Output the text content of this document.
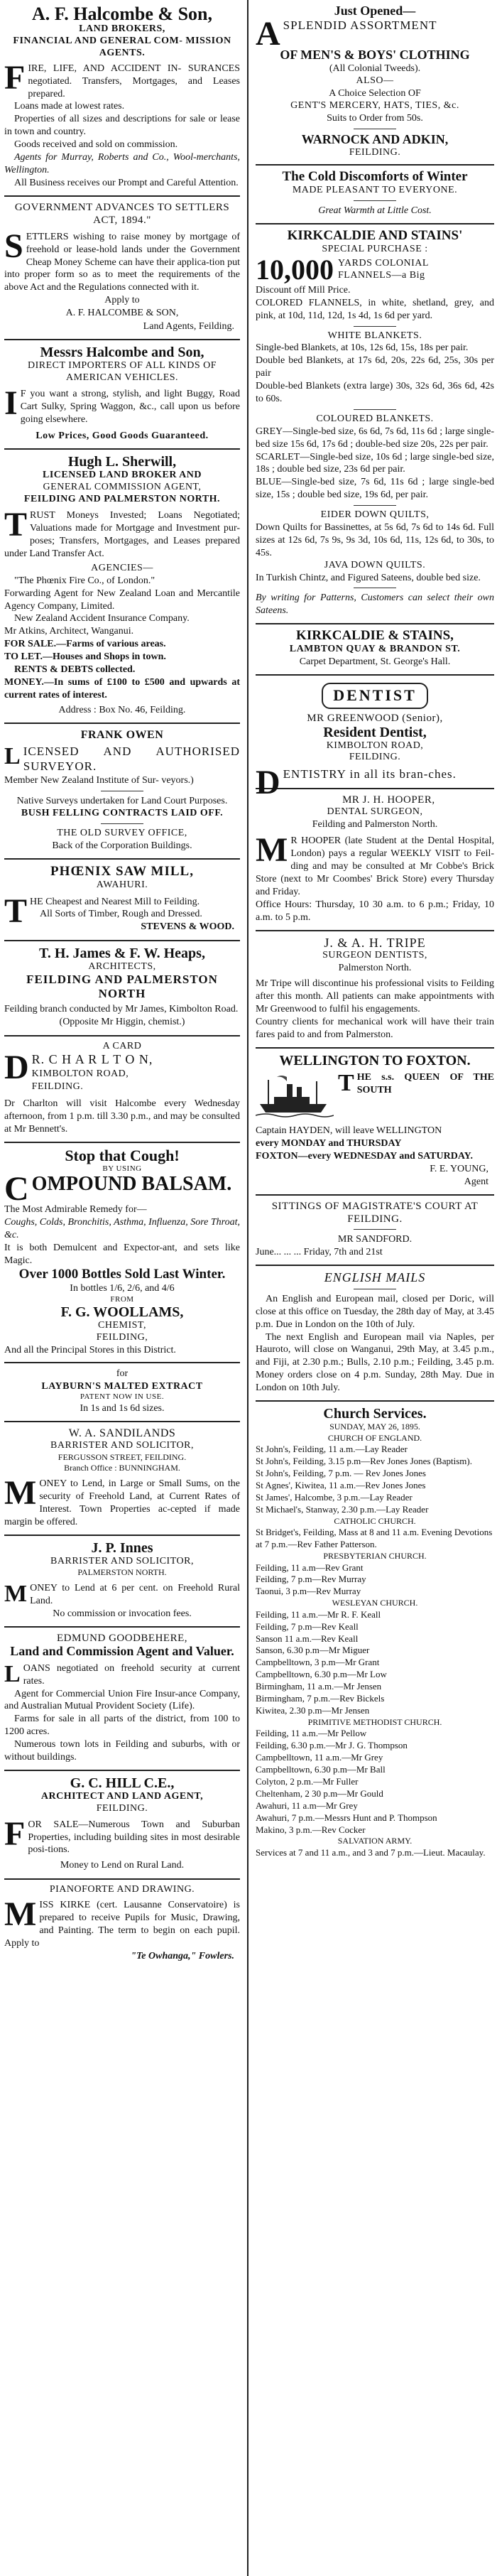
A. F. Halcombe & Son,
LAND BROKERS,
FINANCIAL AND GENERAL COM- MISSION AGENTS.
FIRE, LIFE, AND ACCIDENT IN- SURANCES negotiated. Transfers, Mortgages, and Leases prepared.
Loans made at lowest rates.
Properties of all sizes and descriptions for sale or lease in town and country.
Goods received and sold on commission.
Agents for Murray, Roberts and Co., Wool-merchants, Wellington.
All Business receives our Prompt and Careful Attention.
GOVERNMENT ADVANCES TO SETTLERS ACT, 1894."
SETTLERS wishing to raise money by mortgage of freehold or lease-hold lands under the Government Cheap Money Scheme can have their applica-tion put into proper form so as to meet the requirements of the above Act and the Regulations connected with it.
Apply to
A. F. HALCOMBE & SON,
Land Agents, Feilding.
Messrs Halcombe and Son,
DIRECT IMPORTERS OF ALL KINDS OF AMERICAN VEHICLES.
I F you want a strong, stylish, and light Buggy, Road Cart Sulky, Spring Waggon, &c., call upon us before going elsewhere.
Low Prices, Good Goods Guaranteed.
Hugh L. Sherwill,
LICENSED LAND BROKER AND
GENERAL COMMISSION AGENT,
FEILDING AND PALMERSTON NORTH.
TRUST Moneys Invested; Loans Negotiated; Valuations made for Mortgage and Investment pur-poses; Transfers, Mortgages, and Leases prepared under Land Transfer Act.
AGENCIES—
"The Phœnix Fire Co., of London."
Forwarding Agent for New Zealand Loan and Mercantile Agency Company, Limited.
New Zealand Accident Insurance Company.
Mr Atkins, Architect, Wanganui.
FOR SALE.—Farms of various areas.
TO LET.—Houses and Shops in town.
RENTS & DEBTS collected.
MONEY.—In sums of £100 to £500 and upwards at current rates of interest.
Address : Box No. 46, Feilding.
FRANK OWEN
LICENSED AND AUTHORISED SURVEYOR.
Member New Zealand Institute of Sur- veyors.)
Native Surveys undertaken for Land Court Purposes.
BUSH FELLING CONTRACTS LAID OFF.
THE OLD SURVEY OFFICE,
Back of the Corporation Buildings.
PHŒNIX SAW MILL,
AWAHURI.
THE Cheapest and Nearest Mill to Feilding.
All Sorts of Timber, Rough and Dressed.
STEVENS & WOOD.
T. H. James & F. W. Heaps,
ARCHITECTS,
FEILDING AND PALMERSTON NORTH
Feilding branch conducted by Mr James, Kimbolton Road.
(Opposite Mr Higgin, chemist.)
A CARD
D R. C H A R L T O N,
KIMBOLTON ROAD,
FEILDING.
Dr Charlton will visit Halcombe every Wednesday afternoon, from 1 p.m. till 3.30 p.m., and may be consulted at Mr Bennett's.
Stop that Cough!
BY USING
COMPOUND BALSAM.
The Most Admirable Remedy for—
Coughs, Colds, Bronchitis, Asthma, Influenza, Sore Throat, &c.
It is both Demulcent and Expector-ant, and sets like Magic.
Over 1000 Bottles Sold Last Winter.
In bottles 1/6, 2/6, and 4/6
FROM
F. G. WOOLLAMS,
CHEMIST,
FEILDING,
And all the Principal Stores in this District.
for
LAYBURN'S MALTED EXTRACT
PATENT NOW IN USE.
In 1s and 1s 6d sizes.
W. A. SANDILANDS
BARRISTER AND SOLICITOR,
FERGUSSON STREET, FEILDING.
Branch Office : BUNNINGHAM.
MONEY to Lend, in Large or Small Sums, on the security of Freehold Land, at Current Rates of Interest. Town Properties ac-cepted if made margin be offered.
J. P. Innes
BARRISTER AND SOLICITOR,
PALMERSTON NORTH.
MONEY to Lend at 6 per cent. on Freehold Rural Land.
No commission or invocation fees.
EDMUND GOODBEHERE,
Land and Commission Agent and Valuer.
LOANS negotiated on freehold security at current rates.
Agent for Commercial Union Fire Insur-ance Company, and Australian Mutual Provident Society (Life).
Farms for sale in all parts of the district, from 100 to 1200 acres.
Numerous town lots in Feilding and suburbs, with or without buildings.
G. C. HILL C.E.,
ARCHITECT AND LAND AGENT,
FEILDING.
FOR SALE—Numerous Town and Suburban Properties, including building sites in most desirable posi-tions.
Money to Lend on Rural Land.
PIANOFORTE AND DRAWING.
MISS KIRKE (cert. Lausanne Conservatoire) is prepared to receive Pupils for Music, Drawing, and Painting. The term to begin on each pupil. Apply to
"Te Owhanga," Fowlers.
Just Opened—
ASPLENDID ASSORTMENT
OF MEN'S & BOYS' CLOTHING
(All Colonial Tweeds).
ALSO—
A Choice Selection OF
GENT'S MERCERY, HATS, TIES, &c.
Suits to Order from 50s.
WARNOCK AND ADKIN,
FEILDING.
The Cold Discomforts of Winter
MADE PLEASANT TO EVERYONE.
Great Warmth at Little Cost.
KIRKCALDIE AND STAINS'
SPECIAL PURCHASE :
10,000 YARDS COLONIAL
FLANNELS—a Big
Discount off Mill Price.
COLORED FLANNELS, in white, shetland, grey, and pink, at 10d, 11d, 12d, 1s 4d, 1s 6d per yard.
WHITE BLANKETS.
Single-bed Blankets, at 10s, 12s 6d, 15s, 18s per pair.
Double bed Blankets, at 17s 6d, 20s, 22s 6d, 25s, 30s per pair
Double-bed Blankets (extra large) 30s, 32s 6d, 36s 6d, 42s to 60s.
COLOURED BLANKETS.
GREY—Single-bed size, 6s 6d, 7s 6d, 11s 6d ; large single-bed size 15s 6d, 17s 6d ; double-bed size 20s, 22s per pair.
SCARLET—Single-bed size, 10s 6d ; large single-bed size, 18s ; double bed size, 23s 6d per pair.
BLUE—Single-bed size, 7s 6d, 11s 6d ; large single-bed size, 15s ; double bed size, 19s 6d, per pair.
EIDER DOWN QUILTS,
Down Quilts for Bassinettes, at 5s 6d, 7s 6d to 14s 6d. Full sizes at 12s 6d, 7s 9s, 9s 3d, 10s 6d, 11s, 12s 6d, to 30s, to 45s.
JAVA DOWN QUILTS.
In Turkish Chintz, and Figured Sateens, double bed size.
By writing for Patterns, Customers can select their own Sateens.
KIRKCALDIE & STAINS,
LAMBTON QUAY & BRANDON ST.
Carpet Department, St. George's Hall.
DENTIST
MR GREENWOOD (Senior),
Resident Dentist,
KIMBOLTON ROAD,
FEILDING.
DENTISTRY in all its bran-ches.
MR J. H. HOOPER,
DENTAL SURGEON,
Feilding and Palmerston North.
M R HOOPER (late Student at the Dental Hospital, London) pays a regular WEEKLY VISIT to Feil-ding and may be consulted at Mr Cobbe's Brick Store (next to Mr Coombes' Brick Store) every Thursday and Friday.
Office Hours: Thursday, 10 30 a.m. to 6 p.m.; Friday, 10 a.m. to 5 p.m.
J. & A. H. TRIPE
SURGEON DENTISTS,
Palmerston North.
Mr Tripe will discontinue his professional visits to Feilding after this month. All patients can make appointments with Mr Greenwood to fulfil his engagements.
Country clients for mechanical work will have their train fares paid to and from Palmerston.
WELLINGTON TO FOXTON.
THE s.s. QUEEN OF THE SOUTH
Captain HAYDEN, will leave WELLINGTON
every MONDAY and THURSDAY
FOXTON—every WEDNESDAY and SATURDAY.
F. E. YOUNG,
Agent
SITTINGS OF MAGISTRATE'S COURT AT FEILDING.
MR SANDFORD.
June... ... ... Friday, 7th and 21st
ENGLISH MAILS
An English and European mail, closed per Doric, will close at this office on Tuesday, the 28th day of May, at 3.45 p.m. Due in London on the 10th of July.
The next English and European mail via Naples, per Hauroto, will close on Wanganui, 29th May, at 3.45 p.m., and Fiji, at 2.30 p.m.; Bulls, 2.10 p.m.; Feilding, 3.45 p.m. Money orders close on 4 p.m. Sunday, 28th May. Due in London on 10th July.
Church Services.
SUNDAY, MAY 26, 1895.
CHURCH OF ENGLAND.
St John's, Feilding, 11 a.m.—Lay Reader
St John's, Feilding, 3.15 p.m—Rev Jones Jones (Baptism).
St John's, Feilding, 7 p.m. — Rev Jones Jones
St Agnes', Kiwitea, 11 a.m.—Rev Jones Jones
St James', Halcombe, 3 p.m.—Lay Reader
St Michael's, Stanway, 2.30 p.m.—Lay Reader
CATHOLIC CHURCH.
St Bridget's, Feilding, Mass at 8 and 11 a.m. Evening Devotions at 7 p.m.—Rev Father Patterson.
PRESBYTERIAN CHURCH.
Feilding, 11 a.m—Rev Grant
Feilding, 7 p.m—Rev Murray
Taonui, 3 p.m—Rev Murray
WESLEYAN CHURCH.
Feilding, 11 a.m.—Mr R. F. Keall
Feilding, 7 p.m—Rev Keall
Sanson 11 a.m.—Rev Keall
Sanson, 6.30 p.m—Mr Miguer
Campbelltown, 3 p.m—Mr Grant
Campbelltown, 6.30 p.m—Mr Low
Birmingham, 11 a.m.—Mr Jensen
Birmingham, 7 p.m.—Rev Bickels
Kiwitea, 2.30 p.m—Mr Jensen
PRIMITIVE METHODIST CHURCH.
Feilding, 11 a.m.—Mr Pellow
Feilding, 6.30 p.m.—Mr J. G. Thompson
Campbelltown, 11 a.m.—Mr Grey
Campbelltown, 6.30 p.m—Mr Ball
Colyton, 2 p.m.—Mr Fuller
Cheltenham, 2 30 p.m—Mr Gould
Awahuri, 11 a.m—Mr Grey
Awahuri, 7 p.m.—Messrs Hunt and P. Thompson
Makino, 3 p.m.—Rev Cocker
SALVATION ARMY.
Services at 7 and 11 a.m., and 3 and 7 p.m.—Lieut. Macaulay.
